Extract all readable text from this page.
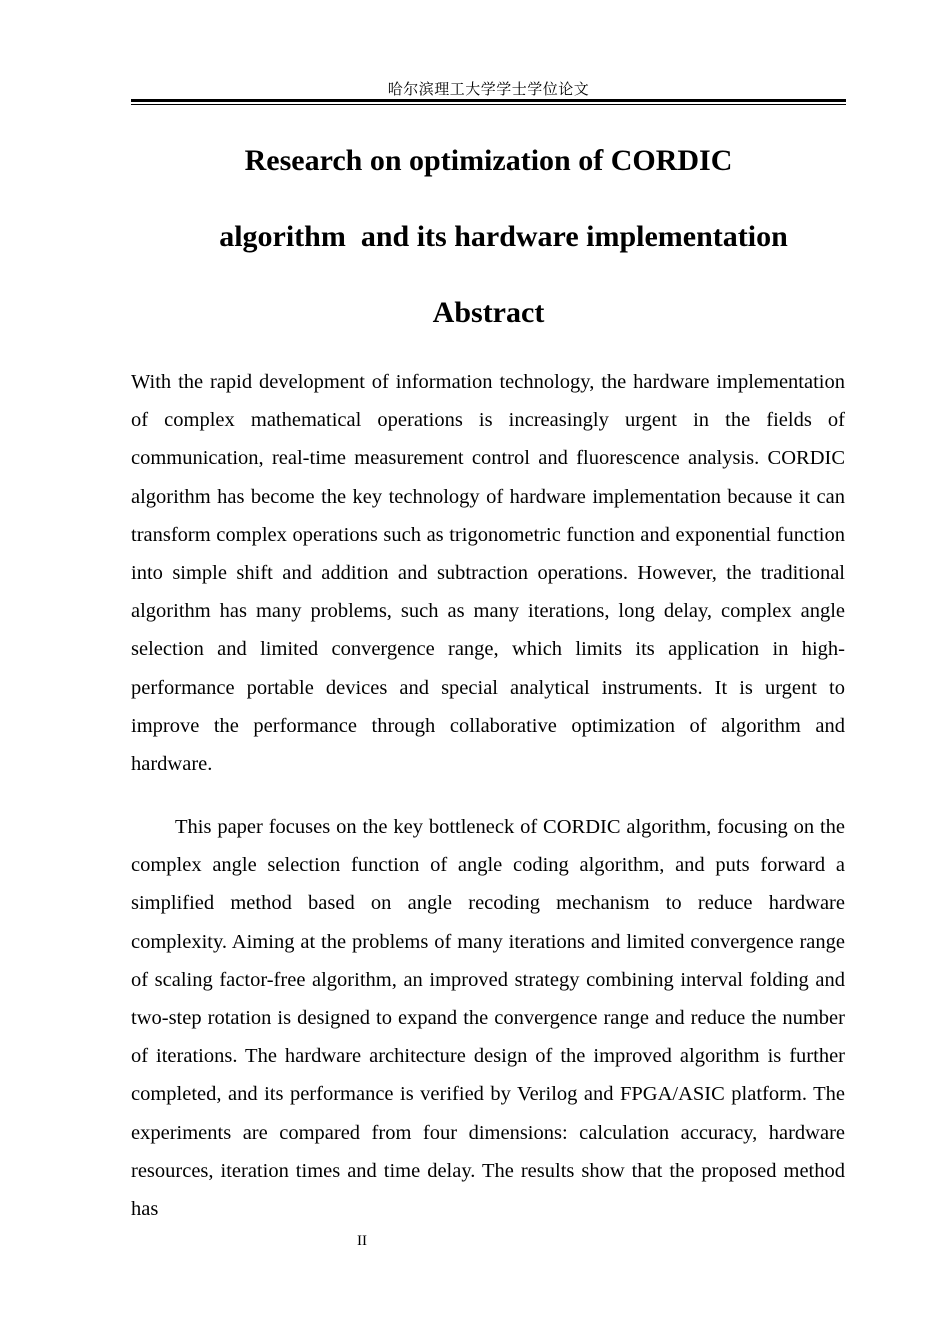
哈尔滨理工大学学士学位论文
Research on optimization of CORDIC
algorithm  and its hardware implementation
Abstract

With the rapid development of information technology, the hardware implementation of complex mathematical operations is increasingly urgent in the fields of communication, real-time measurement control and fluorescence analysis. CORDIC algorithm has become the key technology of hardware implementation because it can transform complex operations such as trigonometric function and exponential function into simple shift and addition and subtraction operations. However, the traditional algorithm has many problems, such as many iterations, long delay, complex angle selection and limited convergence range, which limits its application in high-performance portable devices and special analytical instruments. It is urgent to improve the performance through collaborative optimization of algorithm and hardware.

This paper focuses on the key bottleneck of CORDIC algorithm, focusing on the complex angle selection function of angle coding algorithm, and puts forward a simplified method based on angle recoding mechanism to reduce hardware complexity. Aiming at the problems of many iterations and limited convergence range of scaling factor-free algorithm, an improved strategy combining interval folding and two-step rotation is designed to expand the convergence range and reduce the number of iterations. The hardware architecture design of the improved algorithm is further completed, and its performance is verified by Verilog and FPGA/ASIC platform. The experiments are compared from four dimensions: calculation accuracy, hardware resources, iteration times and time delay. The results show that the proposed method has

II
